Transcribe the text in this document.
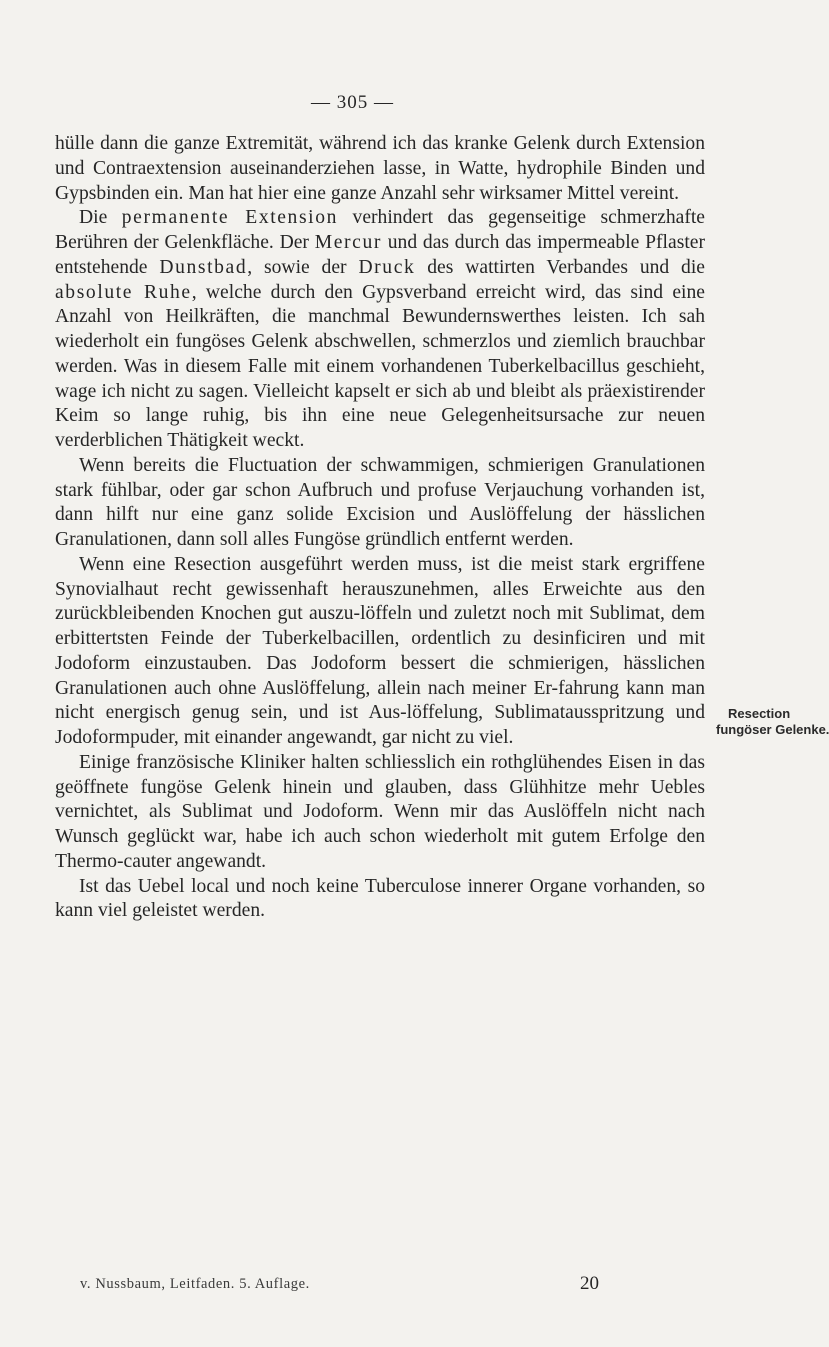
— 305 —

hülle dann die ganze Extremität, während ich das kranke Gelenk durch Extension und Contraextension auseinanderziehen lasse, in Watte, hydrophile Binden und Gypsbinden ein. Man hat hier eine ganze Anzahl sehr wirksamer Mittel vereint.

Die permanente Extension verhindert das gegenseitige schmerzhafte Berühren der Gelenkfläche. Der Mercur und das durch das impermeable Pflaster entstehende Dunstbad, sowie der Druck des wattirten Verbandes und die absolute Ruhe, welche durch den Gypsverband erreicht wird, das sind eine Anzahl von Heilkräften, die manchmal Bewundernswerthes leisten. Ich sah wiederholt ein fungöses Gelenk abschwellen, schmerzlos und ziemlich brauchbar werden. Was in diesem Falle mit einem vorhandenen Tuberkelbacillus geschieht, wage ich nicht zu sagen. Vielleicht kapselt er sich ab und bleibt als präexistirender Keim so lange ruhig, bis ihn eine neue Gelegenheitsursache zur neuen verderblichen Thätigkeit weckt.

Wenn bereits die Fluctuation der schwammigen, schmierigen Granulationen stark fühlbar, oder gar schon Aufbruch und profuse Verjauchung vorhanden ist, dann hilft nur eine ganz solide Excision und Auslöffelung der hässlichen Granulationen, dann soll alles Fungöse gründlich entfernt werden.

Wenn eine Resection ausgeführt werden muss, ist die meist stark ergriffene Synovialhaut recht gewissenhaft herauszunehmen, alles Erweichte aus den zurückbleibenden Knochen gut auszu-löffeln und zuletzt noch mit Sublimat, dem erbittertsten Feinde der Tuberkelbacillen, ordentlich zu desinficiren und mit Jodoform einzustauben. Das Jodoform bessert die schmierigen, hässlichen Granulationen auch ohne Auslöffelung, allein nach meiner Er-fahrung kann man nicht energisch genug sein, und ist Aus-löffelung, Sublimatausspritzung und Jodoformpuder, mit einander angewandt, gar nicht zu viel.

Einige französische Kliniker halten schliesslich ein rothglühendes Eisen in das geöffnete fungöse Gelenk hinein und glauben, dass Glühhitze mehr Uebles vernichtet, als Sublimat und Jodoform. Wenn mir das Auslöffeln nicht nach Wunsch geglückt war, habe ich auch schon wiederholt mit gutem Erfolge den Thermo-cauter angewandt.

Ist das Uebel local und noch keine Tuberculose innerer Organe vorhanden, so kann viel geleistet werden.

Resection
fungöser Gelenke.
v. Nussbaum, Leitfaden. 5. Auflage.	20
